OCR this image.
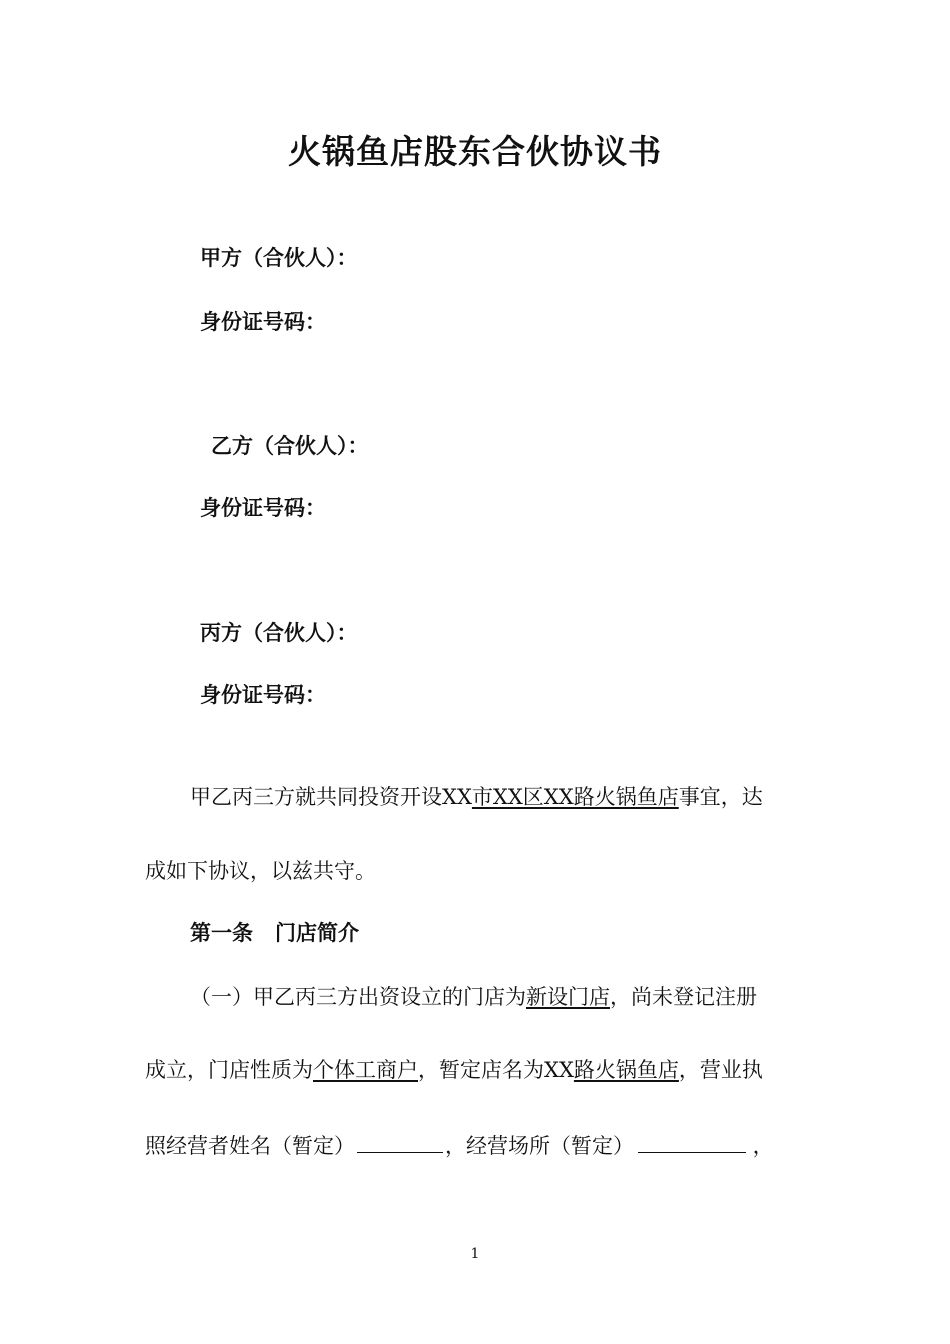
火锅鱼店股东合伙协议书
甲方（合伙人）：
身份证号码：
乙方（合伙人）：
身份证号码：
丙方（合伙人）：
身份证号码：
甲乙丙三方就共同投资开设XX市XX区XX路火锅鱼店事宜，达
成如下协议，以兹共守。
第一条 门店简介
（一）甲乙丙三方出资设立的门店为新设门店，尚未登记注册
成立，门店性质为个体工商户，暂定店名为XX路火锅鱼店，营业执
照经营者姓名（暂定）	，经营场所（暂定）	，
1
